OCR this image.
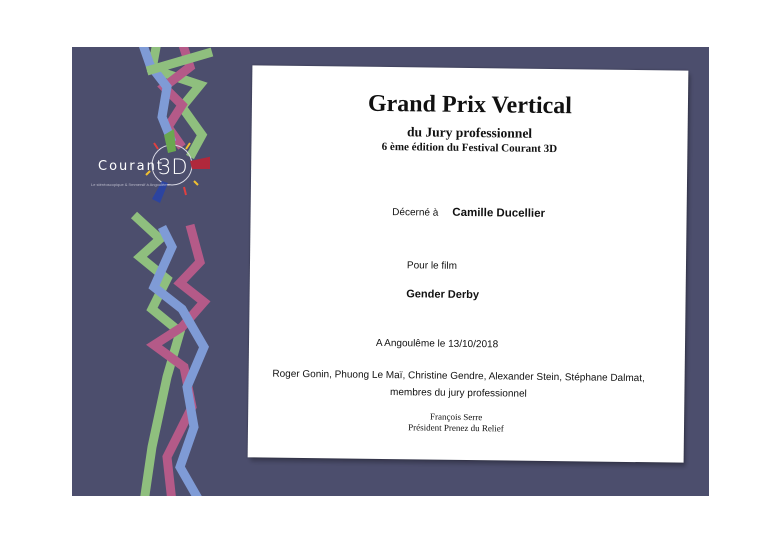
Courant
3D
Le stéréoscopique & l'immersif à Angoulême
Grand Prix Vertical
du Jury professionnel
6 ème édition du Festival Courant 3D
Décerné à Camille Ducellier
Pour le film
Gender Derby
A Angoulême le 13/10/2018
Roger Gonin, Phuong Le Maï, Christine Gendre, Alexander Stein, Stéphane Dalmat,
membres du jury professionnel
François Serre
Président Prenez du Relief
